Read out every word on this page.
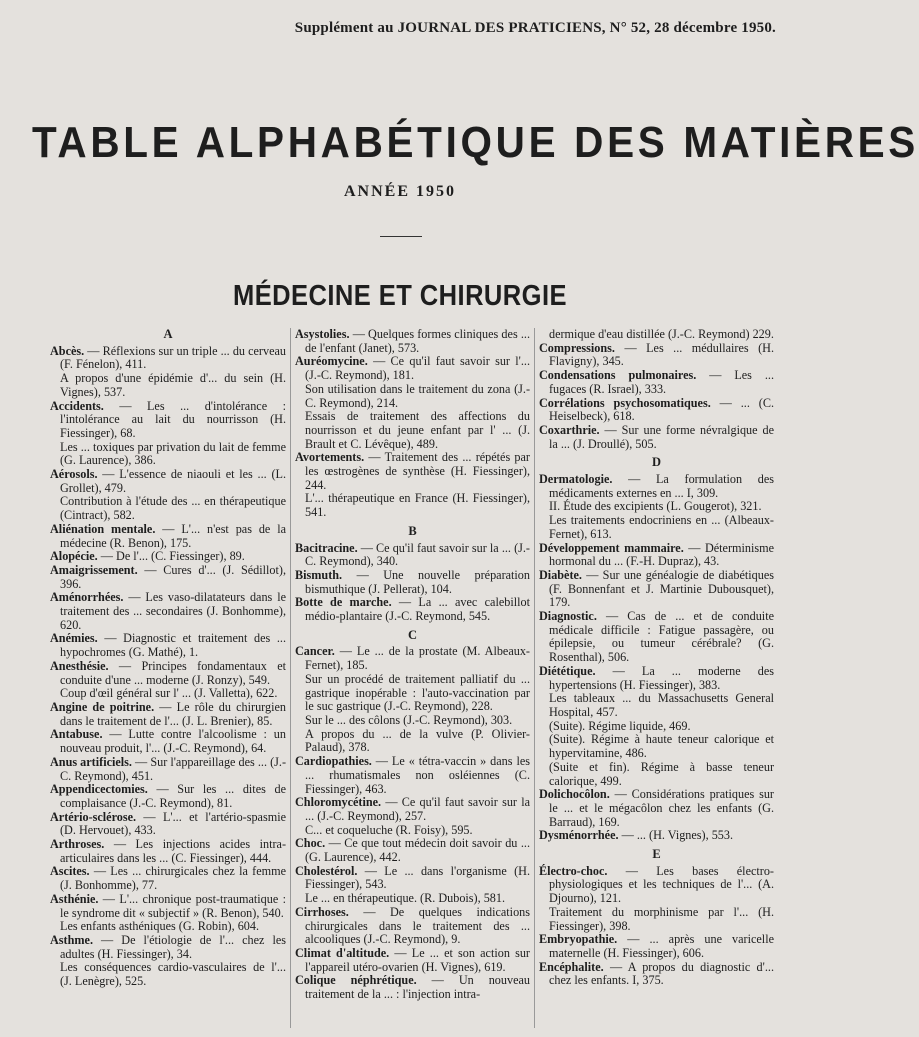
Supplément au JOURNAL DES PRATICIENS, N° 52, 28 décembre 1950.
TABLE ALPHABÉTIQUE DES MATIÈRES
ANNÉE 1950
MÉDECINE ET CHIRURGIE
A

Abcès. — Réflexions sur un triple ... du cerveau (F. Fénelon), 411.

A propos d'une épidémie d'... du sein (H. Vignes), 537.

Accidents. — Les ... d'intolérance : l'intolérance au lait du nourrisson (H. Fiessinger), 68.

Les ... toxiques par privation du lait de femme (G. Laurence), 386.

Aérosols. — L'essence de niaouli et les ... (L. Grollet), 479.

Contribution à l'étude des ... en thérapeutique (Cintract), 582.

Aliénation mentale. — L'... n'est pas de la médecine (R. Benon), 175.

Alopécie. — De l'... (C. Fiessinger), 89.

Amaigrissement. — Cures d'... (J. Sédillot), 396.

Aménorrhées. — Les vaso-dilatateurs dans le traitement des ... secondaires (J. Bonhomme), 620.

Anémies. — Diagnostic et traitement des ... hypochromes (G. Mathé), 1.

Anesthésie. — Principes fondamentaux et conduite d'une ... moderne (J. Ronzy), 549.

Coup d'œil général sur l' ... (J. Valletta), 622.

Angine de poitrine. — Le rôle du chirurgien dans le traitement de l'... (J. L. Brenier), 85.

Antabuse. — Lutte contre l'alcoolisme : un nouveau produit, l'... (J.-C. Reymond), 64.

Anus artificiels. — Sur l'appareillage des ... (J.-C. Reymond), 451.

Appendicectomies. — Sur les ... dites de complaisance (J.-C. Reymond), 81.

Artério-sclérose. — L'... et l'artério-spasmie (D. Hervouet), 433.

Arthroses. — Les injections acides intra-articulaires dans les ... (C. Fiessinger), 444.

Ascites. — Les ... chirurgicales chez la femme (J. Bonhomme), 77.

Asthénie. — L'... chronique post-traumatique : le syndrome dit « subjectif » (R. Benon), 540.

Les enfants asthéniques (G. Robin), 604.

Asthme. — De l'étiologie de l'... chez les adultes (H. Fiessinger), 34.

Les conséquences cardio-vasculaires de l'... (J. Lenègre), 525.

Asystolies. — Quelques formes cliniques des ... de l'enfant (Janet), 573.

Auréomycine. — Ce qu'il faut savoir sur l'... (J.-C. Reymond), 181.

Son utilisation dans le traitement du zona (J.-C. Reymond), 214.

Essais de traitement des affections du nourrisson et du jeune enfant par l' ... (J. Brault et C. Lévêque), 489.

Avortements. — Traitement des ... répétés par les œstrogènes de synthèse (H. Fiessinger), 244.

L'... thérapeutique en France (H. Fiessinger), 541.

B

Bacitracine. — Ce qu'il faut savoir sur la ... (J.-C. Reymond), 340.

Bismuth. — Une nouvelle préparation bismuthique (J. Pellerat), 104.

Botte de marche. — La ... avec calebillot médio-plantaire (J.-C. Reymond, 545.

C

Cancer. — Le ... de la prostate (M. Albeaux-Fernet), 185.

Sur un procédé de traitement palliatif du ... gastrique inopérable : l'auto-vaccination par le suc gastrique (J.-C. Reymond), 228.

Sur le ... des côlons (J.-C. Reymond), 303.

A propos du ... de la vulve (P. Olivier-Palaud), 378.

Cardiopathies. — Le « tétra-vaccin » dans les ... rhumatismales non osléiennes (C. Fiessinger), 463.

Chloromycétine. — Ce qu'il faut savoir sur la ... (J.-C. Reymond), 257.

C... et coqueluche (R. Foisy), 595.

Choc. — Ce que tout médecin doit savoir du ... (G. Laurence), 442.

Cholestérol. — Le ... dans l'organisme (H. Fiessinger), 543.

Le ... en thérapeutique. (R. Dubois), 581.

Cirrhoses. — De quelques indications chirurgicales dans le traitement des ... alcooliques (J.-C. Reymond), 9.

Climat d'altitude. — Le ... et son action sur l'appareil utéro-ovarien (H. Vignes), 619.

Colique néphrétique. — Un nouveau traitement de la ... : l'injection intra-

dermique d'eau distillée (J.-C. Reymond) 229.

Compressions. — Les ... médullaires (H. Flavigny), 345.

Condensations pulmonaires. — Les ... fugaces (R. Israel), 333.

Corrélations psychosomatiques. — ... (C. Heiselbeck), 618.

Coxarthrie. — Sur une forme névralgique de la ... (J. Droullé), 505.

D

Dermatologie. — La formulation des médicaments externes en ... I, 309.

II. Étude des excipients (L. Gougerot), 321.

Les traitements endocriniens en ... (Albeaux-Fernet), 613.

Développement mammaire. — Déterminisme hormonal du ... (F.-H. Dupraz), 43.

Diabète. — Sur une généalogie de diabétiques (F. Bonnenfant et J. Martinie Dubousquet), 179.

Diagnostic. — Cas de ... et de conduite médicale difficile : Fatigue passagère, ou épilepsie, ou tumeur cérébrale? (G. Rosenthal), 506.

Diététique. — La ... moderne des hypertensions (H. Fiessinger), 383.

Les tableaux ... du Massachusetts General Hospital, 457.

(Suite). Régime liquide, 469.

(Suite). Régime à haute teneur calorique et hypervitamine, 486.

(Suite et fin). Régime à basse teneur calorique, 499.

Dolichocôlon. — Considérations pratiques sur le ... et le mégacôlon chez les enfants (G. Barraud), 169.

Dysménorrhée. — ... (H. Vignes), 553.

E

Électro-choc. — Les bases électro-physiologiques et les techniques de l'... (A. Djourno), 121.

Traitement du morphinisme par l'... (H. Fiessinger), 398.

Embryopathie. — ... après une varicelle maternelle (H. Fiessinger), 606.

Encéphalite. — A propos du diagnostic d'... chez les enfants. I, 375.
